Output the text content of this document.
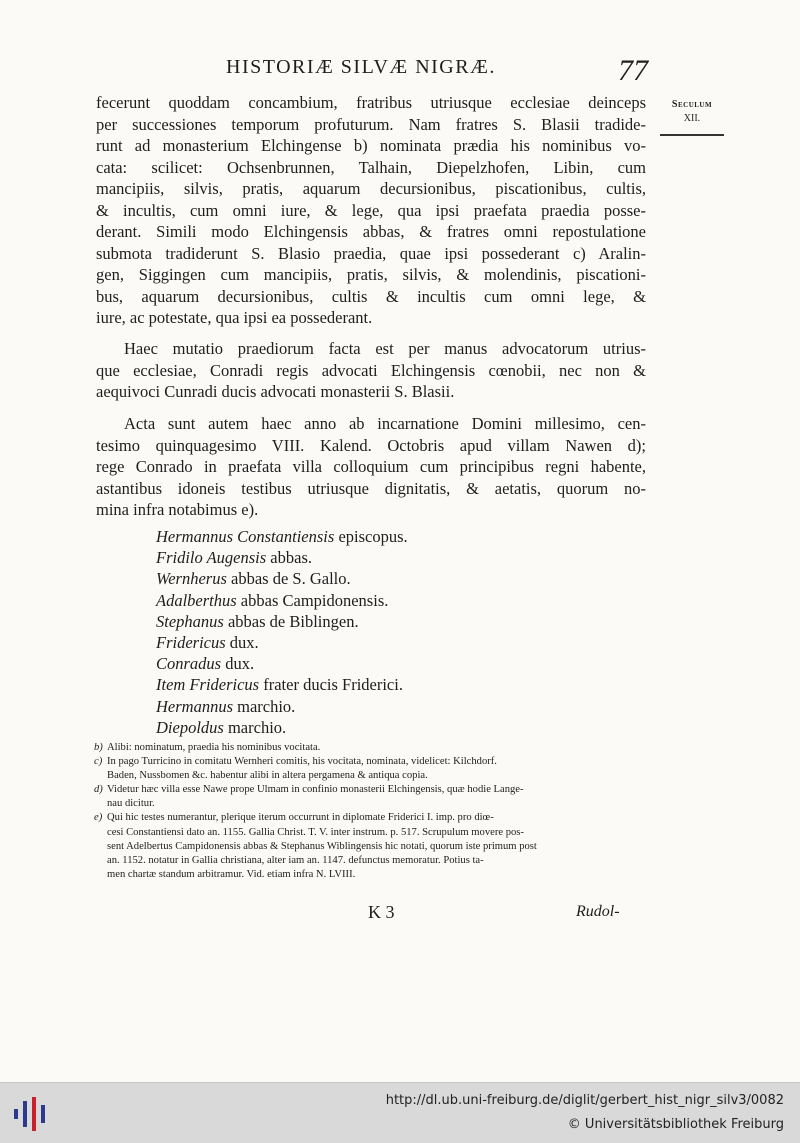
HISTORIÆ SILVÆ NIGRÆ.	77
Seculum
XII.
fecerunt quoddam concambium, fratribus utriusque ecclesiae deinceps
per successiones temporum profuturum. Nam fratres S. Blasii tradide-
runt ad monasterium Elchingense b) nominata prædia his nominibus vo-
cata: scilicet: Ochsenbrunnen, Talhain, Diepelzhofen, Libin, cum
mancipiis, silvis, pratis, aquarum decursionibus, piscationibus, cultis,
& incultis, cum omni iure, & lege, qua ipsi praefata praedia posse-
derant. Simili modo Elchingensis abbas, & fratres omni repostulatione
submota tradiderunt S. Blasio praedia, quae ipsi possederant c) Aralin-
gen, Siggingen cum mancipiis, pratis, silvis, & molendinis, piscationi-
bus, aquarum decursionibus, cultis & incultis cum omni lege, &
iure, ac potestate, qua ipsi ea possederant.
Haec mutatio praediorum facta est per manus advocatorum utrius-
que ecclesiae, Conradi regis advocati Elchingensis cœnobii, nec non &
aequivoci Cunradi ducis advocati monasterii S. Blasii.
Acta sunt autem haec anno ab incarnatione Domini millesimo, cen-
tesimo quinquagesimo VIII. Kalend. Octobris apud villam Nawen d);
rege Conrado in praefata villa colloquium cum principibus regni habente,
astantibus idoneis testibus utriusque dignitatis, & aetatis, quorum no-
mina infra notabimus e).
Hermannus Constantiensis episcopus.
Fridilo Augensis abbas.
Wernherus abbas de S. Gallo.
Adalberthus abbas Campidonensis.
Stephanus abbas de Biblingen.
Fridericus dux.
Conradus dux.
Item Fridericus frater ducis Friderici.
Hermannus marchio.
Diepoldus marchio.
b) Alibi: nominatum, praedia his nominibus vocitata.
c) In pago Turricino in comitatu Wernheri comitis, his vocitata, nominata, videlicet: Kilchdorf.
Baden, Nussbomen &c. habentur alibi in altera pergamena & antiqua copia.
d) Videtur hæc villa esse Nawe prope Ulmam in confinio monasterii Elchingensis, quæ hodie Lange-
nau dicitur.
e) Qui hic testes numerantur, plerique iterum occurrunt in diplomate Friderici I. imp. pro diœ-
cesi Constantiensi dato an. 1155. Gallia Christ. T. V. inter instrum. p. 517. Scrupulum movere pos-
sent Adelbertus Campidonensis abbas & Stephanus Wiblingensis hic notati, quorum iste primum post
an. 1152. notatur in Gallia christiana, alter iam an. 1147. defunctus memoratur. Potius ta-
men chartæ standum arbitramur. Vid. etiam infra N. LVIII.
K 3	Rudol-
http://dl.ub.uni-freiburg.de/diglit/gerbert_hist_nigr_silv3/0082
© Universitätsbibliothek Freiburg
